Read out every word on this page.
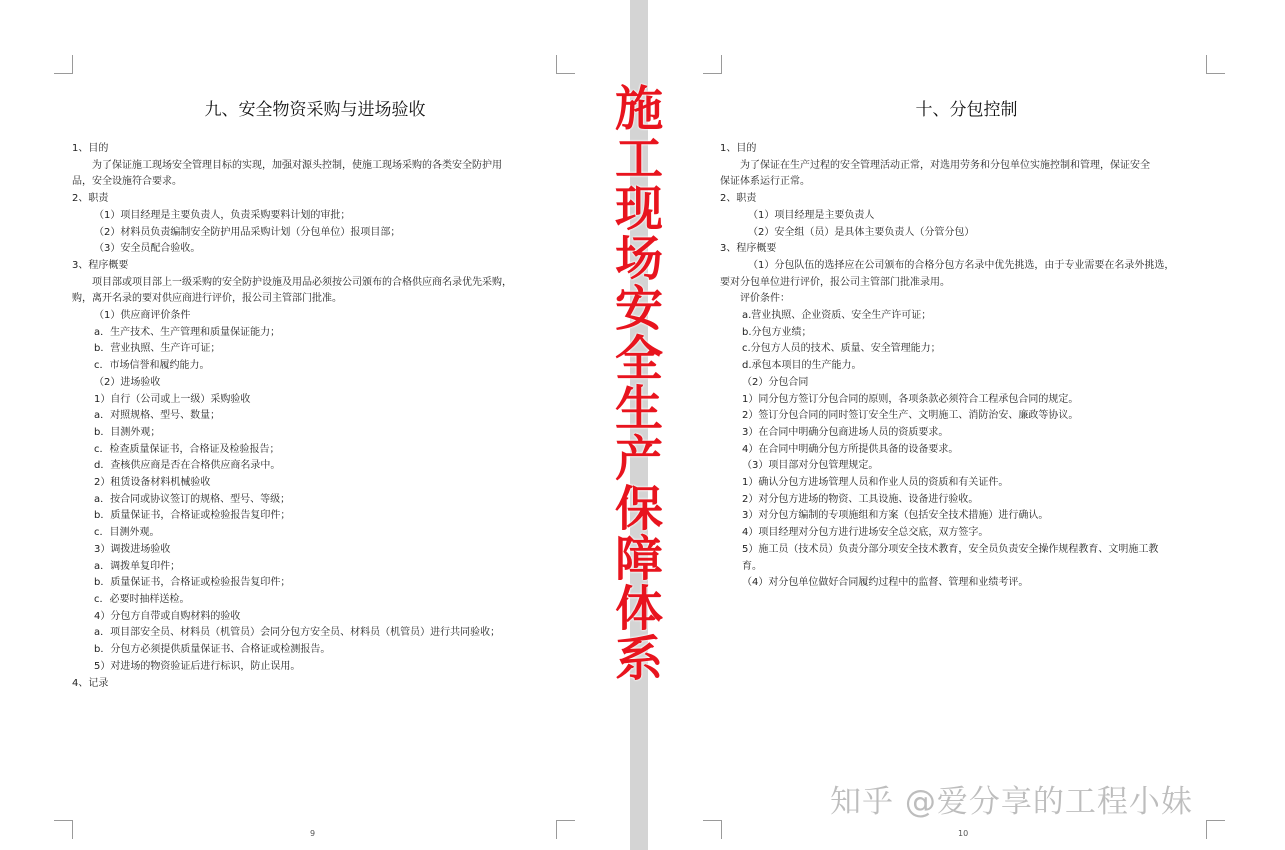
九、安全物资采购与进场验收
1、目的
为了保证施工现场安全管理目标的实现，加强对源头控制，使施工现场采购的各类安全防护用
品，安全设施符合要求。
2、职责
（1）项目经理是主要负责人，负责采购要料计划的审批；
（2）材料员负责编制安全防护用品采购计划（分包单位）报项目部；
（3）安全员配合验收。
3、程序概要
项目部或项目部上一级采购的安全防护设施及用品必须按公司颁布的合格供应商名录优先采购，
购，离开名录的要对供应商进行评价，报公司主管部门批准。
（1）供应商评价条件
a．生产技术、生产管理和质量保证能力；
b．营业执照、生产许可证；
c．市场信誉和履约能力。
（2）进场验收
1）自行（公司或上一级）采购验收
a．对照规格、型号、数量；
b．目测外观；
c．检查质量保证书，合格证及检验报告；
d．查核供应商是否在合格供应商名录中。
2）租赁设备材料机械验收
a．按合同或协议签订的规格、型号、等级；
b．质量保证书，合格证或检验报告复印件；
c．目测外观。
3）调拨进场验收
a．调拨单复印件；
b．质量保证书，合格证或检验报告复印件；
c．必要时抽样送检。
4）分包方自带或自购材料的验收
a．项目部安全员、材料员（机管员）会同分包方安全员、材料员（机管员）进行共同验收；
b．分包方必须提供质量保证书、合格证或检测报告。
5）对进场的物资验证后进行标识，防止误用。
4、记录
9
十、分包控制
1、目的
为了保证在生产过程的安全管理活动正常，对选用劳务和分包单位实施控制和管理，保证安全
保证体系运行正常。
2、职责
（1）项目经理是主要负责人
（2）安全组（员）是具体主要负责人（分管分包）
3、程序概要
（1）分包队伍的选择应在公司颁布的合格分包方名录中优先挑选，由于专业需要在名录外挑选，
要对分包单位进行评价，报公司主管部门批准录用。
评价条件：
a.营业执照、企业资质、安全生产许可证；
b.分包方业绩；
c.分包方人员的技术、质量、安全管理能力；
d.承包本项目的生产能力。
（2）分包合同
1）同分包方签订分包合同的原则，各项条款必须符合工程承包合同的规定。
2）签订分包合同的同时签订安全生产、文明施工、消防治安、廉政等协议。
3）在合同中明确分包商进场人员的资质要求。
4）在合同中明确分包方所提供具备的设备要求。
（3）项目部对分包管理规定。
1）确认分包方进场管理人员和作业人员的资质和有关证件。
2）对分包方进场的物资、工具设施、设备进行验收。
3）对分包方编制的专项施组和方案（包括安全技术措施）进行确认。
4）项目经理对分包方进行进场安全总交底，双方签字。
5）施工员（技术员）负责分部分项安全技术教育，安全员负责安全操作规程教育、文明施工教
育。
（4）对分包单位做好合同履约过程中的监督、管理和业绩考评。
10
施
工
现
场
安
全
生
产
保
障
体
系
知乎 @爱分享的工程小妹
